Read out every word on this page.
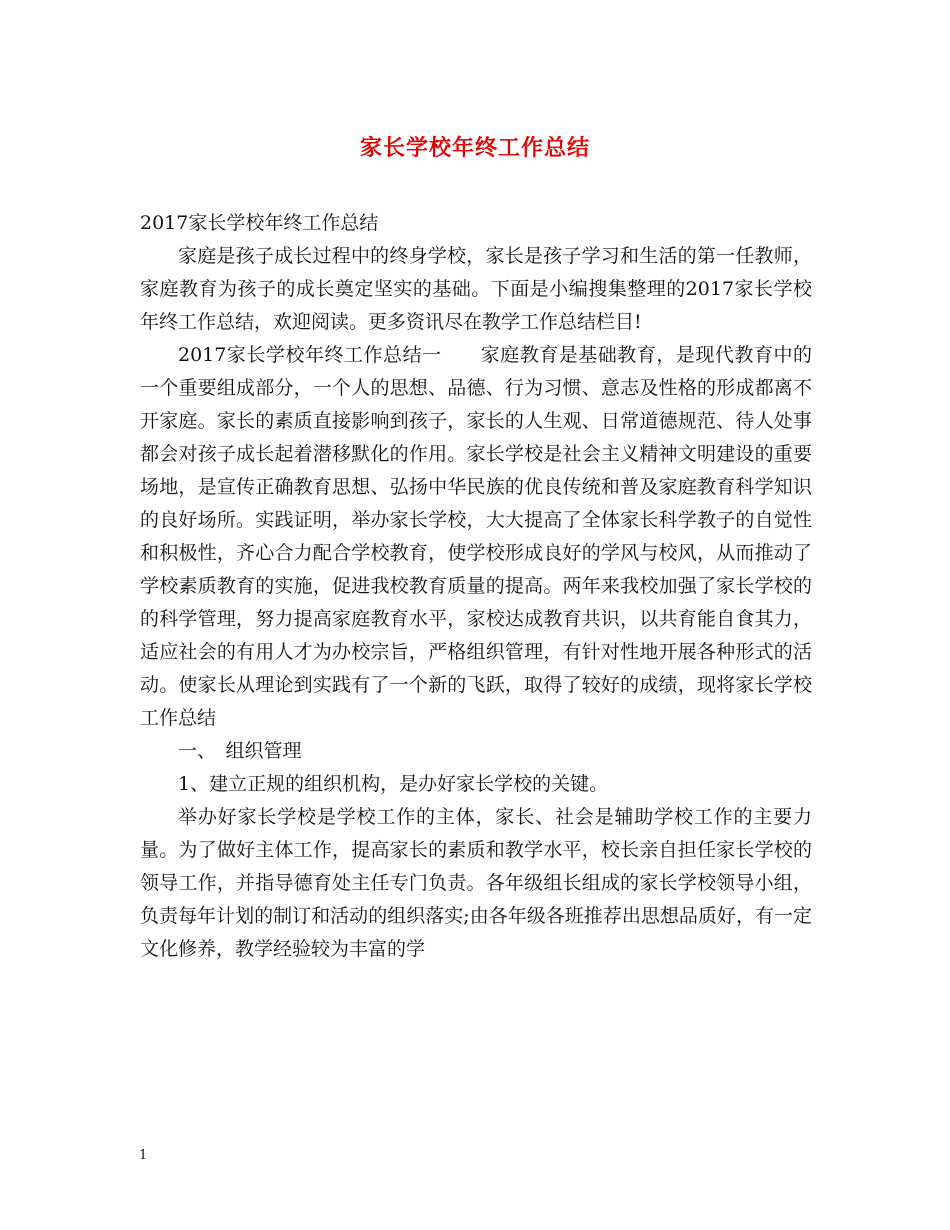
家长学校年终工作总结

2017家长学校年终工作总结

家庭是孩子成长过程中的终身学校，家长是孩子学习和生活的第一任教师，家庭教育为孩子的成长奠定坚实的基础。下面是小编搜集整理的2017家长学校年终工作总结，欢迎阅读。更多资讯尽在教学工作总结栏目!

2017家长学校年终工作总结一　　家庭教育是基础教育，是现代教育中的一个重要组成部分，一个人的思想、品德、行为习惯、意志及性格的形成都离不开家庭。家长的素质直接影响到孩子，家长的人生观、日常道德规范、待人处事都会对孩子成长起着潜移默化的作用。家长学校是社会主义精神文明建设的重要场地，是宣传正确教育思想、弘扬中华民族的优良传统和普及家庭教育科学知识的良好场所。实践证明，举办家长学校，大大提高了全体家长科学教子的自觉性和积极性，齐心合力配合学校教育，使学校形成良好的学风与校风，从而推动了学校素质教育的实施，促进我校教育质量的提高。两年来我校加强了家长学校的的科学管理，努力提高家庭教育水平，家校达成教育共识，以共育能自食其力，适应社会的有用人才为办校宗旨，严格组织管理，有针对性地开展各种形式的活动。使家长从理论到实践有了一个新的飞跃，取得了较好的成绩，现将家长学校工作总结

一、　组织管理

1、建立正规的组织机构，是办好家长学校的关键。

举办好家长学校是学校工作的主体，家长、社会是辅助学校工作的主要力量。为了做好主体工作，提高家长的素质和教学水平，校长亲自担任家长学校的领导工作，并指导德育处主任专门负责。各年级组长组成的家长学校领导小组，负责每年计划的制订和活动的组织落实;由各年级各班推荐出思想品质好，有一定文化修养，教学经验较为丰富的学

1
